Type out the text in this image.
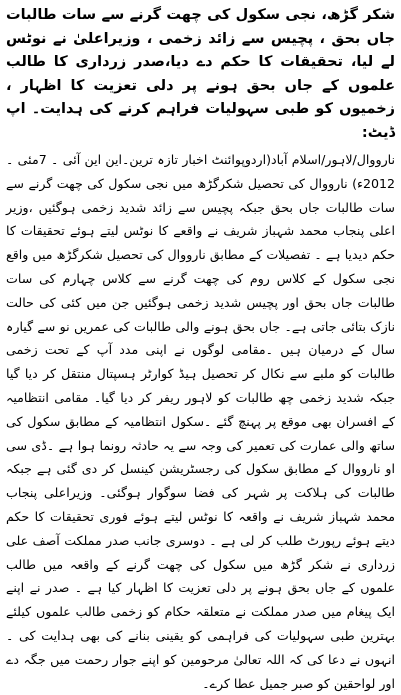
شکر گڑھ، نجی سکول کی چھت گرنے سے سات طالبات جاں بحق ، پچیس سے زائد زخمی ، وزیراعلیٰ نے نوٹس لے لیا، تحقیقات کا حکم دے دیا،صدر زرداری کا طالب علموں کے جاں بحق ہونے پر دلی تعزیت کا اظہار ، زخمیوں کو طبی سہولیات فراہم کرنے کی ہدایت۔ اپ ڈیٹ:

نارووال/لاہور/اسلام آباد(اردوپوائنٹ اخبار تازہ ترین۔این این آئی ۔ 7مئی ۔ 2012ء) نارووال کی تحصیل شکرگڑھ میں نجی سکول کی چھت گرنے سے سات طالبات جاں بحق جبکہ پچیس سے زائد شدید زخمی ہوگئیں ،وزیر اعلی پنجاب محمد شہباز شریف نے واقعے کا نوٹس لیتے ہوئے تحقیقات کا حکم دیدیا ہے ۔ تفصیلات کے مطابق نارووال کی تحصیل شکرگڑھ میں واقع نجی سکول کے کلاس روم کی چھت گرنے سے کلاس چہارم کی سات طالبات جاں بحق اور پچیس شدید زخمی ہوگئیں جن میں کئی کی حالت نازک بتائی جاتی ہے۔ جاں بحق ہونے والی طالبات کی عمریں نو سے گیارہ سال کے درمیان ہیں ۔مقامی لوگوں نے اپنی مدد آپ کے تحت زخمی طالبات کو ملبے سے نکال کر تحصیل ہیڈ کوارٹر ہسپتال منتقل کر دیا گیا جبکہ شدید زخمی چھ طالبات کو لاہور ریفر کر دیا گیا۔ مقامی انتظامیہ کے افسران بھی موقع پر پہنچ گئے ۔سکول انتظامیہ کے مطابق سکول کی ساتھ والی عمارت کی تعمیر کی وجہ سے یہ حادثہ رونما ہوا ہے ۔ڈی سی او نارووال کے مطابق سکول کی رجسٹریشن کینسل کر دی گئی ہے جبکہ طالبات کی ہلاکت پر شہر کی فضا سوگوار ہوگئی۔ وزیراعلی پنجاب محمد شہباز شریف نے واقعہ کا نوٹس لیتے ہوئے فوری تحقیقات کا حکم دیتے ہوئے رپورٹ طلب کر لی ہے ۔ دوسری جانب صدر مملکت آصف علی زرداری نے شکر گڑھ میں سکول کی چھت گرنے کے واقعہ میں طالب علموں کے جاں بحق ہونے پر دلی تعزیت کا اظہار کیا ہے ۔ صدر نے اپنے ایک پیغام میں صدر مملکت نے متعلقہ حکام کو زخمی طالب علموں کیلئے بہترین طبی سہولیات کی فراہمی کو یقینی بنانے کی بھی ہدایت کی ۔ انہوں نے دعا کی کہ اللہ تعالیٰ مرحومین کو اپنے جوار رحمت میں جگہ دے اور لواحقین کو صبر جمیل عطا کرے۔
